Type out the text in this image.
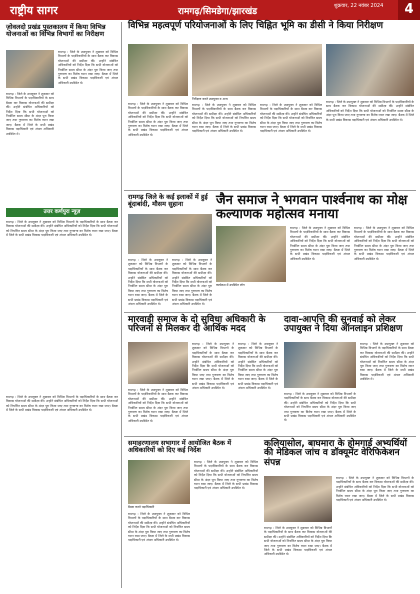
राष्ट्रीय सागर	रामगढ़/सिमडेगा/झारखंड
शुक्रवार, 22 नवंबर 2024	4
विभिन्न महत्वपूर्ण परियोजनाओं के लिए चिह्नित भूमि का डीसी ने किया निरीक्षण
ज़ोवलदो प्रखंड पुस्तकालय में किया विभिन्न योजनाओं का विभिन्न विभागों का निरीक्षण
रामगढ़ : जिले के उपायुक्त ने शुक्रवार को विभिन्न विभागों के पदाधिकारियों के साथ बैठक कर विकास योजनाओं की समीक्षा की। उन्होंने संबंधित अधिकारियों को निर्देश दिया कि सभी योजनाओं को निर्धारित समय सीमा के अंदर पूरा किया जाए तथा गुणवत्ता का विशेष ध्यान रखा जाए। बैठक में जिले के सभी प्रखंड विकास पदाधिकारी एवं अंचल अधिकारी उपस्थित थे।
रामगढ़ : जिले के उपायुक्त ने शुक्रवार को विभिन्न विभागों के पदाधिकारियों के साथ बैठक कर विकास योजनाओं की समीक्षा की। उन्होंने संबंधित अधिकारियों को निर्देश दिया कि सभी योजनाओं को निर्धारित समय सीमा के अंदर पूरा किया जाए तथा गुणवत्ता का विशेष ध्यान रखा जाए। बैठक में जिले के सभी प्रखंड विकास पदाधिकारी एवं अंचल अधिकारी उपस्थित थे।
उत्तर कर्णपुरा न्यूज़
रामगढ़ : जिले के उपायुक्त ने शुक्रवार को विभिन्न विभागों के पदाधिकारियों के साथ बैठक कर विकास योजनाओं की समीक्षा की। उन्होंने संबंधित अधिकारियों को निर्देश दिया कि सभी योजनाओं को निर्धारित समय सीमा के अंदर पूरा किया जाए तथा गुणवत्ता का विशेष ध्यान रखा जाए। बैठक में जिले के सभी प्रखंड विकास पदाधिकारी एवं अंचल अधिकारी उपस्थित थे।
रामगढ़ : जिले के उपायुक्त ने शुक्रवार को विभिन्न विभागों के पदाधिकारियों के साथ बैठक कर विकास योजनाओं की समीक्षा की। उन्होंने संबंधित अधिकारियों को निर्देश दिया कि सभी योजनाओं को निर्धारित समय सीमा के अंदर पूरा किया जाए तथा गुणवत्ता का विशेष ध्यान रखा जाए। बैठक में जिले के सभी प्रखंड विकास पदाधिकारी एवं अंचल अधिकारी उपस्थित थे।
निरीक्षण करते उपायुक्त व अन्य
रामगढ़ : जिले के उपायुक्त ने शुक्रवार को विभिन्न विभागों के पदाधिकारियों के साथ बैठक कर विकास योजनाओं की समीक्षा की। उन्होंने संबंधित अधिकारियों को निर्देश दिया कि सभी योजनाओं को निर्धारित समय सीमा के अंदर पूरा किया जाए तथा गुणवत्ता का विशेष ध्यान रखा जाए। बैठक में जिले के सभी प्रखंड विकास पदाधिकारी एवं अंचल अधिकारी उपस्थित थे।
रामगढ़ : जिले के उपायुक्त ने शुक्रवार को विभिन्न विभागों के पदाधिकारियों के साथ बैठक कर विकास योजनाओं की समीक्षा की। उन्होंने संबंधित अधिकारियों को निर्देश दिया कि सभी योजनाओं को निर्धारित समय सीमा के अंदर पूरा किया जाए तथा गुणवत्ता का विशेष ध्यान रखा जाए। बैठक में जिले के सभी प्रखंड विकास पदाधिकारी एवं अंचल अधिकारी उपस्थित थे।
रामगढ़ : जिले के उपायुक्त ने शुक्रवार को विभिन्न विभागों के पदाधिकारियों के साथ बैठक कर विकास योजनाओं की समीक्षा की। उन्होंने संबंधित अधिकारियों को निर्देश दिया कि सभी योजनाओं को निर्धारित समय सीमा के अंदर पूरा किया जाए तथा गुणवत्ता का विशेष ध्यान रखा जाए। बैठक में जिले के सभी प्रखंड विकास पदाधिकारी एवं अंचल अधिकारी उपस्थित थे।
रामगढ़ : जिले के उपायुक्त ने शुक्रवार को विभिन्न विभागों के पदाधिकारियों के साथ बैठक कर विकास योजनाओं की समीक्षा की। उन्होंने संबंधित अधिकारियों को निर्देश दिया कि सभी योजनाओं को निर्धारित समय सीमा के अंदर पूरा किया जाए तथा गुणवत्ता का विशेष ध्यान रखा जाए। बैठक में जिले के सभी प्रखंड विकास पदाधिकारी एवं अंचल अधिकारी उपस्थित थे।
रामगढ़ जिले के कई इलाकों में हुई बूंदाबांदी, मौसम सुहाना
रामगढ़ : जिले के उपायुक्त ने शुक्रवार को विभिन्न विभागों के पदाधिकारियों के साथ बैठक कर विकास योजनाओं की समीक्षा की। उन्होंने संबंधित अधिकारियों को निर्देश दिया कि सभी योजनाओं को निर्धारित समय सीमा के अंदर पूरा किया जाए तथा गुणवत्ता का विशेष ध्यान रखा जाए। बैठक में जिले के सभी प्रखंड विकास पदाधिकारी एवं अंचल अधिकारी उपस्थित थे।
रामगढ़ : जिले के उपायुक्त ने शुक्रवार को विभिन्न विभागों के पदाधिकारियों के साथ बैठक कर विकास योजनाओं की समीक्षा की। उन्होंने संबंधित अधिकारियों को निर्देश दिया कि सभी योजनाओं को निर्धारित समय सीमा के अंदर पूरा किया जाए तथा गुणवत्ता का विशेष ध्यान रखा जाए। बैठक में जिले के सभी प्रखंड विकास पदाधिकारी एवं अंचल अधिकारी उपस्थित थे।
जैन समाज ने भगवान पार्श्वनाथ का मोक्ष कल्याणक महोत्सव मनाया
कार्यक्रम में उपस्थित लोग
रामगढ़ : जिले के उपायुक्त ने शुक्रवार को विभिन्न विभागों के पदाधिकारियों के साथ बैठक कर विकास योजनाओं की समीक्षा की। उन्होंने संबंधित अधिकारियों को निर्देश दिया कि सभी योजनाओं को निर्धारित समय सीमा के अंदर पूरा किया जाए तथा गुणवत्ता का विशेष ध्यान रखा जाए। बैठक में जिले के सभी प्रखंड विकास पदाधिकारी एवं अंचल अधिकारी उपस्थित थे।
रामगढ़ : जिले के उपायुक्त ने शुक्रवार को विभिन्न विभागों के पदाधिकारियों के साथ बैठक कर विकास योजनाओं की समीक्षा की। उन्होंने संबंधित अधिकारियों को निर्देश दिया कि सभी योजनाओं को निर्धारित समय सीमा के अंदर पूरा किया जाए तथा गुणवत्ता का विशेष ध्यान रखा जाए। बैठक में जिले के सभी प्रखंड विकास पदाधिकारी एवं अंचल अधिकारी उपस्थित थे।
मारवाड़ी समाज के दो सुविधा अधिकारी के परिजनों से मिलकर दी आर्थिक मदद
रामगढ़ : जिले के उपायुक्त ने शुक्रवार को विभिन्न विभागों के पदाधिकारियों के साथ बैठक कर विकास योजनाओं की समीक्षा की। उन्होंने संबंधित अधिकारियों को निर्देश दिया कि सभी योजनाओं को निर्धारित समय सीमा के अंदर पूरा किया जाए तथा गुणवत्ता का विशेष ध्यान रखा जाए। बैठक में जिले के सभी प्रखंड विकास पदाधिकारी एवं अंचल अधिकारी उपस्थित थे।
रामगढ़ : जिले के उपायुक्त ने शुक्रवार को विभिन्न विभागों के पदाधिकारियों के साथ बैठक कर विकास योजनाओं की समीक्षा की। उन्होंने संबंधित अधिकारियों को निर्देश दिया कि सभी योजनाओं को निर्धारित समय सीमा के अंदर पूरा किया जाए तथा गुणवत्ता का विशेष ध्यान रखा जाए। बैठक में जिले के सभी प्रखंड विकास पदाधिकारी एवं अंचल अधिकारी उपस्थित थे।
रामगढ़ : जिले के उपायुक्त ने शुक्रवार को विभिन्न विभागों के पदाधिकारियों के साथ बैठक कर विकास योजनाओं की समीक्षा की। उन्होंने संबंधित अधिकारियों को निर्देश दिया कि सभी योजनाओं को निर्धारित समय सीमा के अंदर पूरा किया जाए तथा गुणवत्ता का विशेष ध्यान रखा जाए। बैठक में जिले के सभी प्रखंड विकास पदाधिकारी एवं अंचल अधिकारी उपस्थित थे।
दावा-आपत्ति की सुनवाई को लेकर उपायुक्त ने दिया ऑनलाइन प्रशिक्षण
रामगढ़ : जिले के उपायुक्त ने शुक्रवार को विभिन्न विभागों के पदाधिकारियों के साथ बैठक कर विकास योजनाओं की समीक्षा की। उन्होंने संबंधित अधिकारियों को निर्देश दिया कि सभी योजनाओं को निर्धारित समय सीमा के अंदर पूरा किया जाए तथा गुणवत्ता का विशेष ध्यान रखा जाए। बैठक में जिले के सभी प्रखंड विकास पदाधिकारी एवं अंचल अधिकारी उपस्थित थे।
रामगढ़ : जिले के उपायुक्त ने शुक्रवार को विभिन्न विभागों के पदाधिकारियों के साथ बैठक कर विकास योजनाओं की समीक्षा की। उन्होंने संबंधित अधिकारियों को निर्देश दिया कि सभी योजनाओं को निर्धारित समय सीमा के अंदर पूरा किया जाए तथा गुणवत्ता का विशेष ध्यान रखा जाए। बैठक में जिले के सभी प्रखंड विकास पदाधिकारी एवं अंचल अधिकारी उपस्थित थे।
समाहरणालय सभागार में आयोजित बैठक में अधिकारियों को दिए कई निर्देश
बैठक करते पदाधिकारी
रामगढ़ : जिले के उपायुक्त ने शुक्रवार को विभिन्न विभागों के पदाधिकारियों के साथ बैठक कर विकास योजनाओं की समीक्षा की। उन्होंने संबंधित अधिकारियों को निर्देश दिया कि सभी योजनाओं को निर्धारित समय सीमा के अंदर पूरा किया जाए तथा गुणवत्ता का विशेष ध्यान रखा जाए। बैठक में जिले के सभी प्रखंड विकास पदाधिकारी एवं अंचल अधिकारी उपस्थित थे।
रामगढ़ : जिले के उपायुक्त ने शुक्रवार को विभिन्न विभागों के पदाधिकारियों के साथ बैठक कर विकास योजनाओं की समीक्षा की। उन्होंने संबंधित अधिकारियों को निर्देश दिया कि सभी योजनाओं को निर्धारित समय सीमा के अंदर पूरा किया जाए तथा गुणवत्ता का विशेष ध्यान रखा जाए। बैठक में जिले के सभी प्रखंड विकास पदाधिकारी एवं अंचल अधिकारी उपस्थित थे।
कलियासोल, बाघमारा के होमगार्ड अभ्यर्थियों की मेडिकल जांच व डॉक्यूमेंट वेरिफिकेशन संपन्न
रामगढ़ : जिले के उपायुक्त ने शुक्रवार को विभिन्न विभागों के पदाधिकारियों के साथ बैठक कर विकास योजनाओं की समीक्षा की। उन्होंने संबंधित अधिकारियों को निर्देश दिया कि सभी योजनाओं को निर्धारित समय सीमा के अंदर पूरा किया जाए तथा गुणवत्ता का विशेष ध्यान रखा जाए। बैठक में जिले के सभी प्रखंड विकास पदाधिकारी एवं अंचल अधिकारी उपस्थित थे।
रामगढ़ : जिले के उपायुक्त ने शुक्रवार को विभिन्न विभागों के पदाधिकारियों के साथ बैठक कर विकास योजनाओं की समीक्षा की। उन्होंने संबंधित अधिकारियों को निर्देश दिया कि सभी योजनाओं को निर्धारित समय सीमा के अंदर पूरा किया जाए तथा गुणवत्ता का विशेष ध्यान रखा जाए। बैठक में जिले के सभी प्रखंड विकास पदाधिकारी एवं अंचल अधिकारी उपस्थित थे।
